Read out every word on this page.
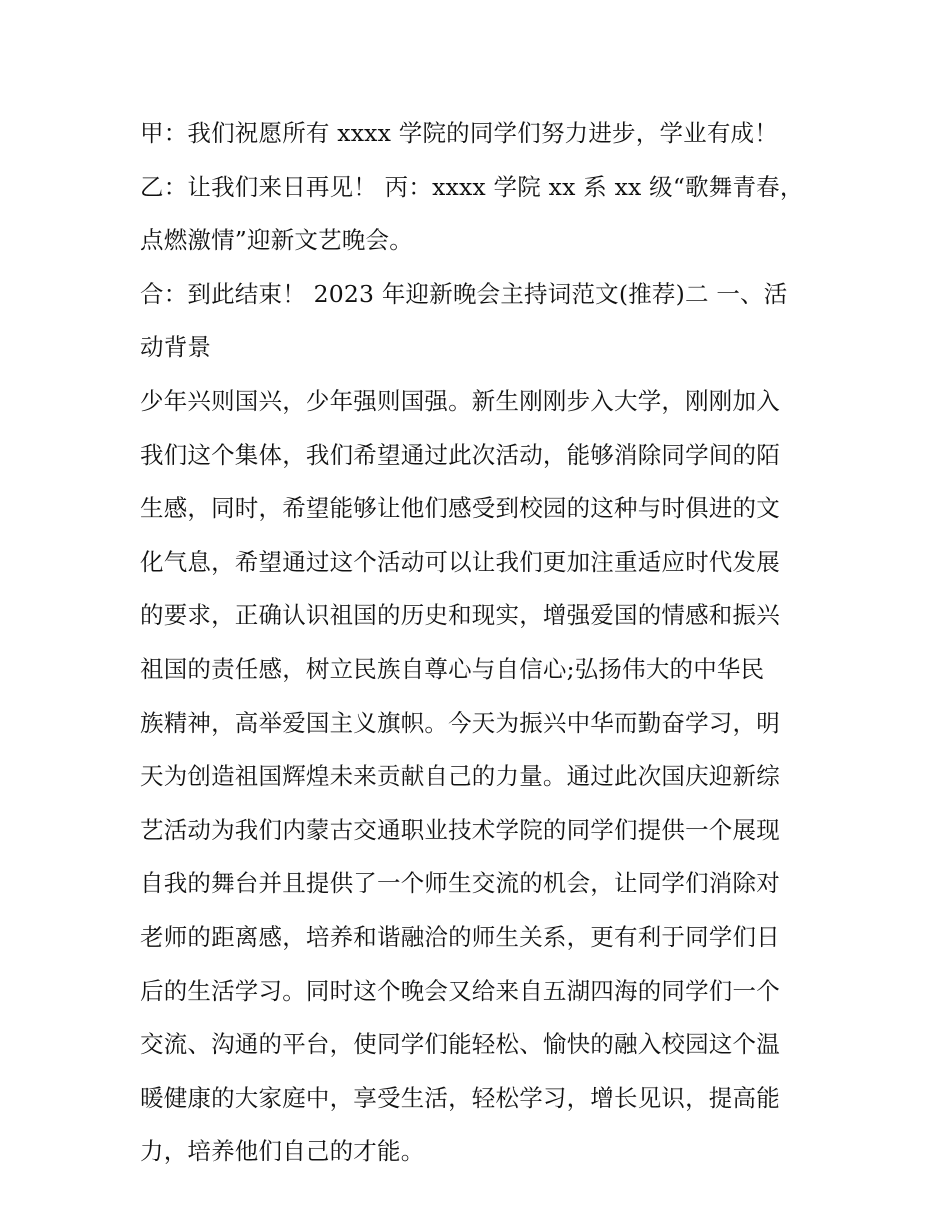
甲：我们祝愿所有 xxxx 学院的同学们努力进步，学业有成！
乙：让我们来日再见！ 丙：xxxx 学院 xx 系 xx 级“歌舞青春，
点燃激情”迎新文艺晚会。
合：到此结束！ 2023 年迎新晚会主持词范文(推荐)二 一、活
动背景
少年兴则国兴，少年强则国强。新生刚刚步入大学，刚刚加入
我们这个集体，我们希望通过此次活动，能够消除同学间的陌
生感，同时，希望能够让他们感受到校园的这种与时俱进的文
化气息，希望通过这个活动可以让我们更加注重适应时代发展
的要求，正确认识祖国的历史和现实，增强爱国的情感和振兴
祖国的责任感，树立民族自尊心与自信心;弘扬伟大的中华民
族精神，高举爱国主义旗帜。今天为振兴中华而勤奋学习，明
天为创造祖国辉煌未来贡献自己的力量。通过此次国庆迎新综
艺活动为我们内蒙古交通职业技术学院的同学们提供一个展现
自我的舞台并且提供了一个师生交流的机会，让同学们消除对
老师的距离感，培养和谐融洽的师生关系，更有利于同学们日
后的生活学习。同时这个晚会又给来自五湖四海的同学们一个
交流、沟通的平台，使同学们能轻松、愉快的融入校园这个温
暖健康的大家庭中，享受生活，轻松学习，增长见识，提高能
力，培养他们自己的才能。
